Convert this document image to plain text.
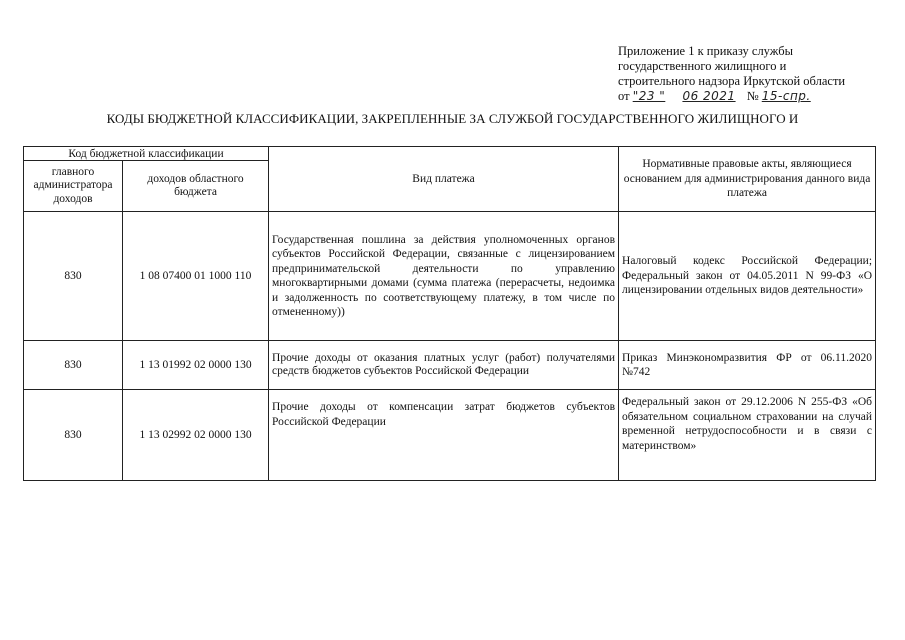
Приложение 1 к приказу службы
государственного жилищного и
строительного надзора Иркутской области
от "23 " 06 2021 № 15-спр.
КОДЫ БЮДЖЕТНОЙ КЛАССИФИКАЦИИ, ЗАКРЕПЛЕННЫЕ ЗА СЛУЖБОЙ ГОСУДАРСТВЕННОГО ЖИЛИЩНОГО И
Код бюджетной классификации		Вид платежа	Нормативные правовые акты, являющиеся основанием для администрирования данного вида платежа
главного администратора доходов	доходов областного бюджета		
830	1 08 07400 01 1000 110	Государственная пошлина за действия уполномоченных органов субъектов Российской Федерации, связанные с лицензированием предпринимательской деятельности по управлению многоквартирными домами (сумма платежа (перерасчеты, недоимка и задолженность по соответствующему платежу, в том числе по отмененному))	Налоговый кодекс Российской Федерации; Федеральный закон от 04.05.2011 N 99-ФЗ «О лицензировании отдельных видов деятельности»
830	1 13 01992 02 0000 130	Прочие доходы от оказания платных услуг (работ) получателями средств бюджетов субъектов Российской Федерации	Приказ Минэкономразвития ФР от 06.11.2020 №742
830	1 13 02992 02 0000 130	Прочие доходы от компенсации затрат бюджетов субъектов Российской Федерации	Федеральный закон от 29.12.2006 N 255-ФЗ «Об обязательном социальном страховании на случай временной нетрудоспособности и в связи с материнством»
